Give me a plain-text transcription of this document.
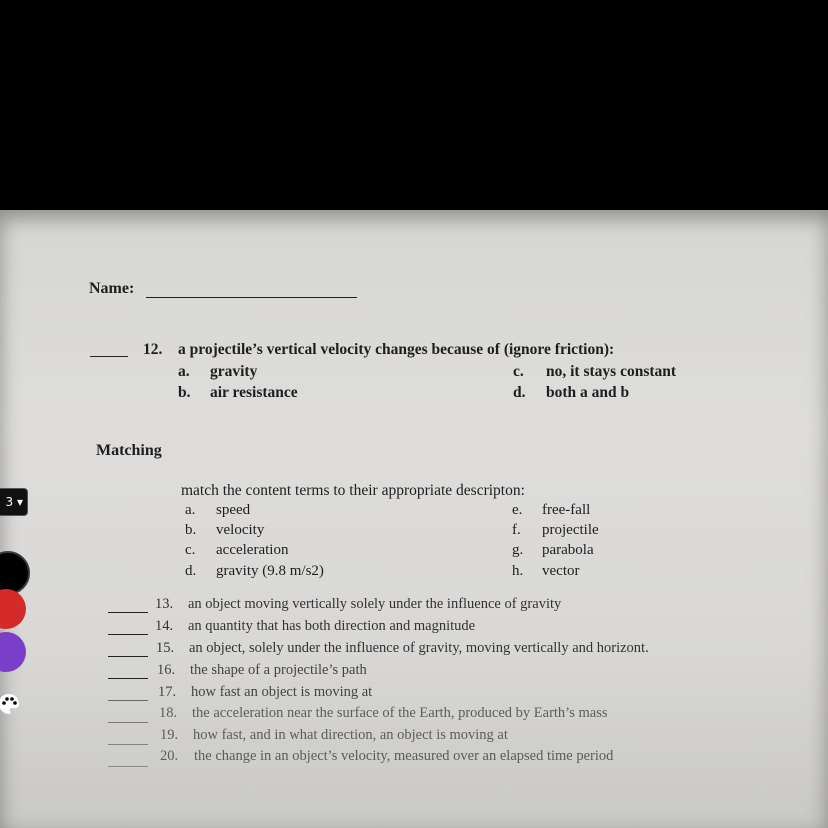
Name:
12. a projectile’s vertical velocity changes because of (ignore friction):
a. gravity
b. air resistance
c. no, it stays constant
d. both a and b
Matching
match the content terms to their appropriate descripton:
a. speed
b. velocity
c. acceleration
d. gravity (9.8 m/s2)
e. free-fall
f. projectile
g. parabola
h. vector
13. an object moving vertically solely under the influence of gravity
14. an quantity that has both direction and magnitude
15. an object, solely under the influence of gravity, moving vertically and horizont.
16. the shape of a projectile’s path
17. how fast an object is moving at
18. the acceleration near the surface of the Earth, produced by Earth’s mass
19. how fast, and in what direction, an object is moving at
20. the change in an object’s velocity, measured over an elapsed time period
3 ▾
